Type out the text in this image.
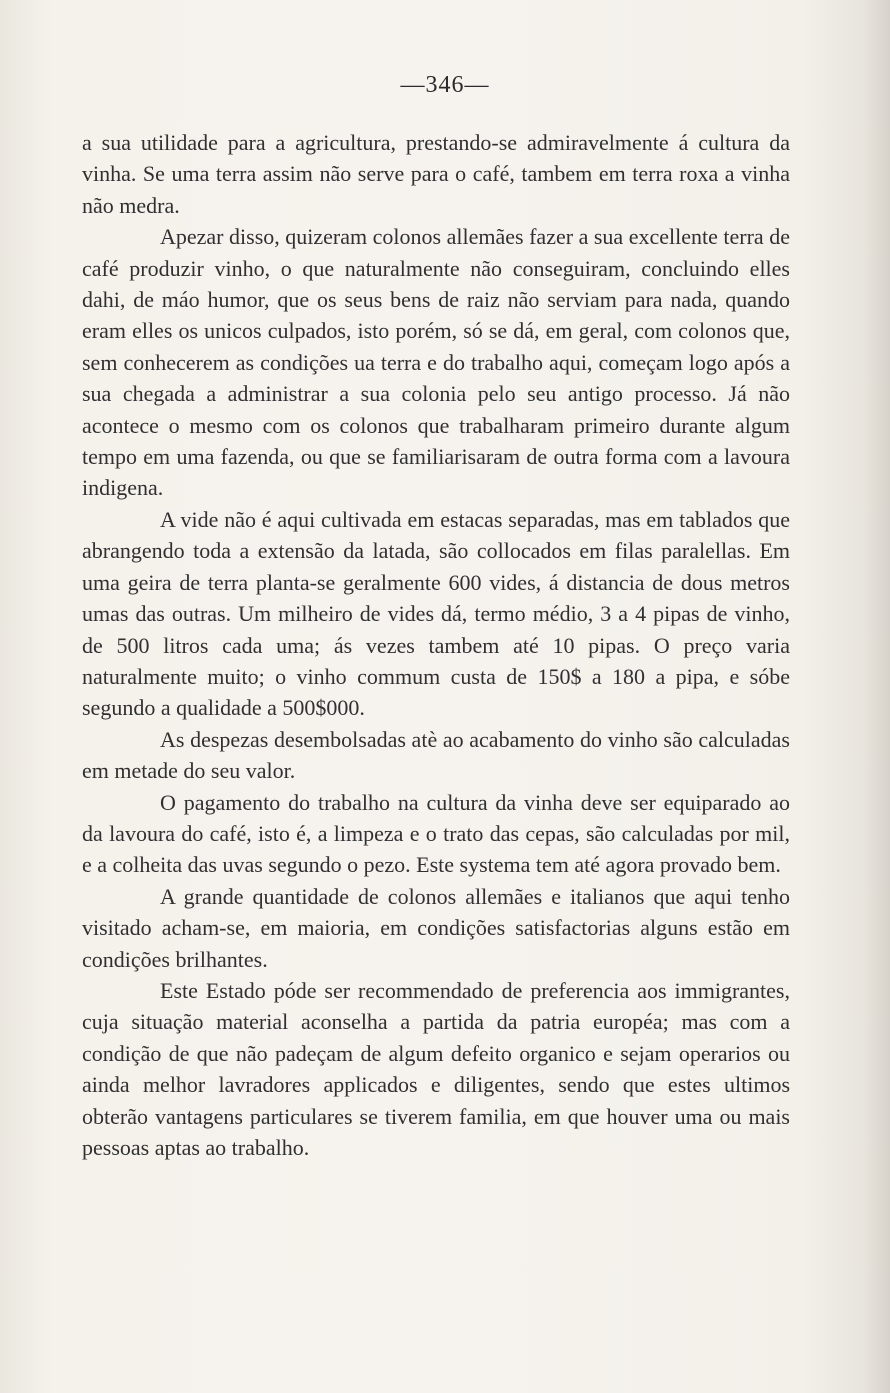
—346—

a sua utilidade para a agricultura, prestando-se admiravelmente á cultura da vinha. Se uma terra assim não serve para o café, tambem em terra roxa a vinha não medra.

Apezar disso, quizeram colonos allemães fazer a sua excellente terra de café produzir vinho, o que naturalmente não conseguiram, concluindo elles dahi, de máo humor, que os seus bens de raiz não serviam para nada, quando eram elles os unicos culpados, isto porém, só se dá, em geral, com colonos que, sem conhecerem as condições ua terra e do trabalho aqui, começam logo após a sua chegada a administrar a sua colonia pelo seu antigo processo. Já não acontece o mesmo com os colonos que trabalharam primeiro durante algum tempo em uma fazenda, ou que se familiarisaram de outra forma com a lavoura indigena.

A vide não é aqui cultivada em estacas separadas, mas em tablados que abrangendo toda a extensão da latada, são collocados em filas paralellas. Em uma geira de terra planta-se geralmente 600 vides, á distancia de dous metros umas das outras. Um milheiro de vides dá, termo médio, 3 a 4 pipas de vinho, de 500 litros cada uma; ás vezes tambem até 10 pipas. O preço varia naturalmente muito; o vinho commum custa de 150$ a 180 a pipa, e sóbe segundo a qualidade a 500$000.

As despezas desembolsadas atè ao acabamento do vinho são calculadas em metade do seu valor.

O pagamento do trabalho na cultura da vinha deve ser equiparado ao da lavoura do café, isto é, a limpeza e o trato das cepas, são calculadas por mil, e a colheita das uvas segundo o pezo. Este systema tem até agora provado bem.

A grande quantidade de colonos allemães e italianos que aqui tenho visitado acham-se, em maioria, em condições satisfactorias alguns estão em condições brilhantes.

Este Estado póde ser recommendado de preferencia aos immigrantes, cuja situação material aconselha a partida da patria européa; mas com a condição de que não padeçam de algum defeito organico e sejam operarios ou ainda melhor lavradores applicados e diligentes, sendo que estes ultimos obterão vantagens particulares se tiverem familia, em que houver uma ou mais pessoas aptas ao trabalho.
